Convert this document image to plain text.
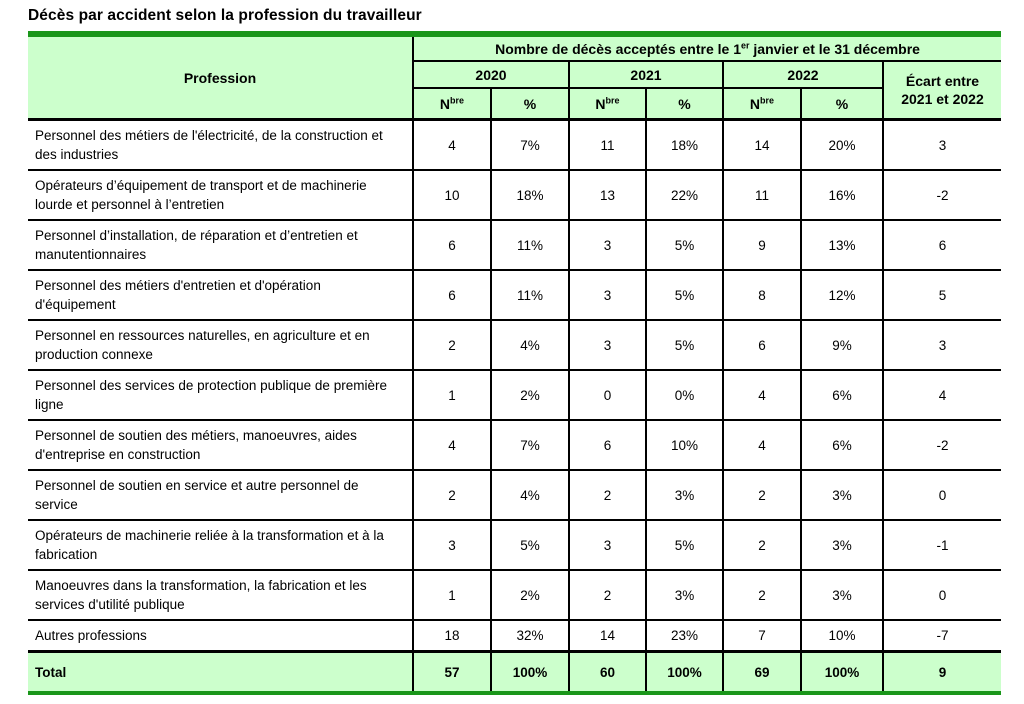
Décès par accident selon la profession du travailleur
Profession	Nombre de décès acceptés entre le 1er janvier et le 31 décembre						
	2020		2021		2022		Écart entre
2021 et 2022

	$N^{bre}$	%	$N^{bre}$	%	$N^{bre}$	%	
Personnel des métiers de l'électricité, de la construction et des industries	4	7%	11	18%	14	20%	3
Opérateurs d’équipement de transport et de machinerie lourde et personnel à l’entretien	10	18%	13	22%	11	16%	-2
Personnel d’installation, de réparation et d’entretien et manutentionnaires	6	11%	3	5%	9	13%	6
Personnel des métiers d'entretien et d'opération d'équipement	6	11%	3	5%	8	12%	5
Personnel en ressources naturelles, en agriculture et en production connexe	2	4%	3	5%	6	9%	3
Personnel des services de protection publique de première ligne	1	2%	0	0%	4	6%	4
Personnel de soutien des métiers, manoeuvres, aides d'entreprise en construction	4	7%	6	10%	4	6%	-2
Personnel de soutien en service et autre personnel de service	2	4%	2	3%	2	3%	0
Opérateurs de machinerie reliée à la transformation et à la fabrication	3	5%	3	5%	2	3%	-1
Manoeuvres dans la transformation, la fabrication et les services d'utilité publique	1	2%	2	3%	2	3%	0
Autres professions	18	32%	14	23%	7	10%	-7
Total	57	100%	60	100%	69	100%	9
